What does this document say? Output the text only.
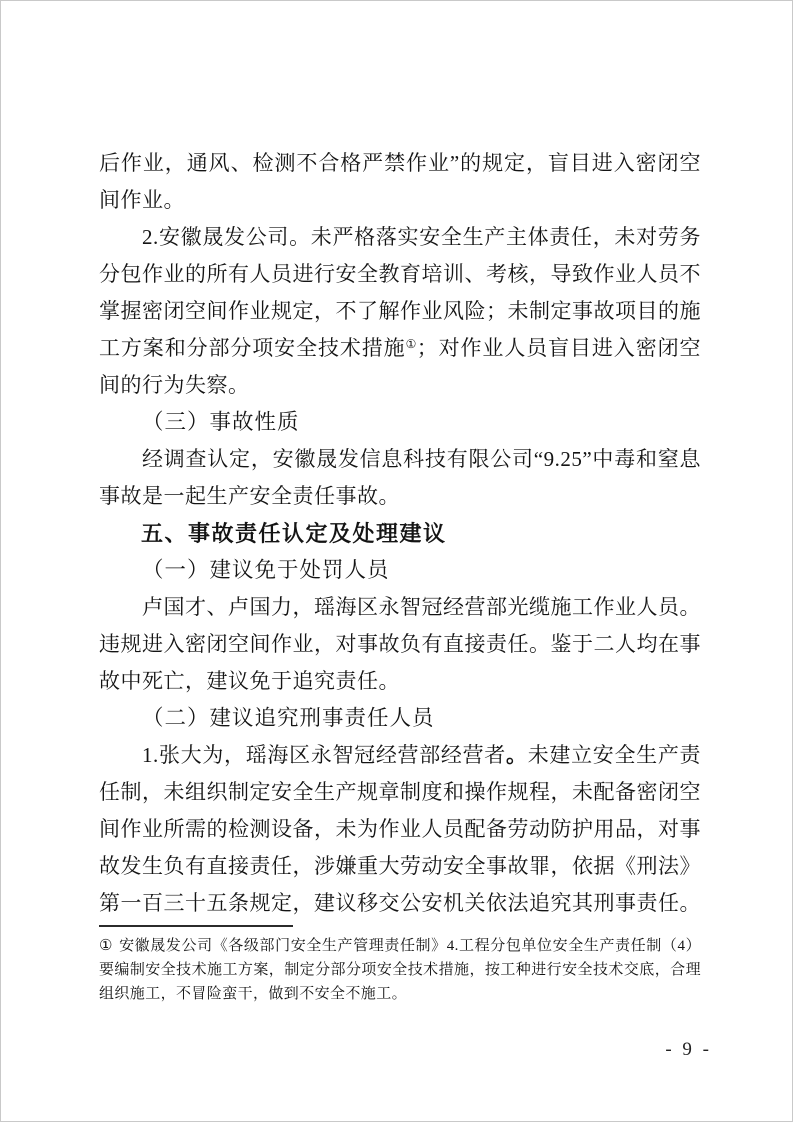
后作业，通风、检测不合格严禁作业”的规定，盲目进入密闭空间作业。

2.安徽晟发公司。未严格落实安全生产主体责任，未对劳务分包作业的所有人员进行安全教育培训、考核，导致作业人员不掌握密闭空间作业规定，不了解作业风险；未制定事故项目的施工方案和分部分项安全技术措施①；对作业人员盲目进入密闭空间的行为失察。

（三）事故性质

经调查认定，安徽晟发信息科技有限公司“9.25”中毒和窒息事故是一起生产安全责任事故。

五、事故责任认定及处理建议

（一）建议免于处罚人员

卢国才、卢国力，瑶海区永智冠经营部光缆施工作业人员。违规进入密闭空间作业，对事故负有直接责任。鉴于二人均在事故中死亡，建议免于追究责任。

（二）建议追究刑事责任人员

1.张大为，瑶海区永智冠经营部经营者。未建立安全生产责任制，未组织制定安全生产规章制度和操作规程，未配备密闭空间作业所需的检测设备，未为作业人员配备劳动防护用品，对事故发生负有直接责任，涉嫌重大劳动安全事故罪，依据《刑法》第一百三十五条规定，建议移交公安机关依法追究其刑事责任。

① 安徽晟发公司《各级部门安全生产管理责任制》4.工程分包单位安全生产责任制（4）要编制安全技术施工方案，制定分部分项安全技术措施，按工种进行安全技术交底，合理组织施工，不冒险蛮干，做到不安全不施工。

- 9 -
